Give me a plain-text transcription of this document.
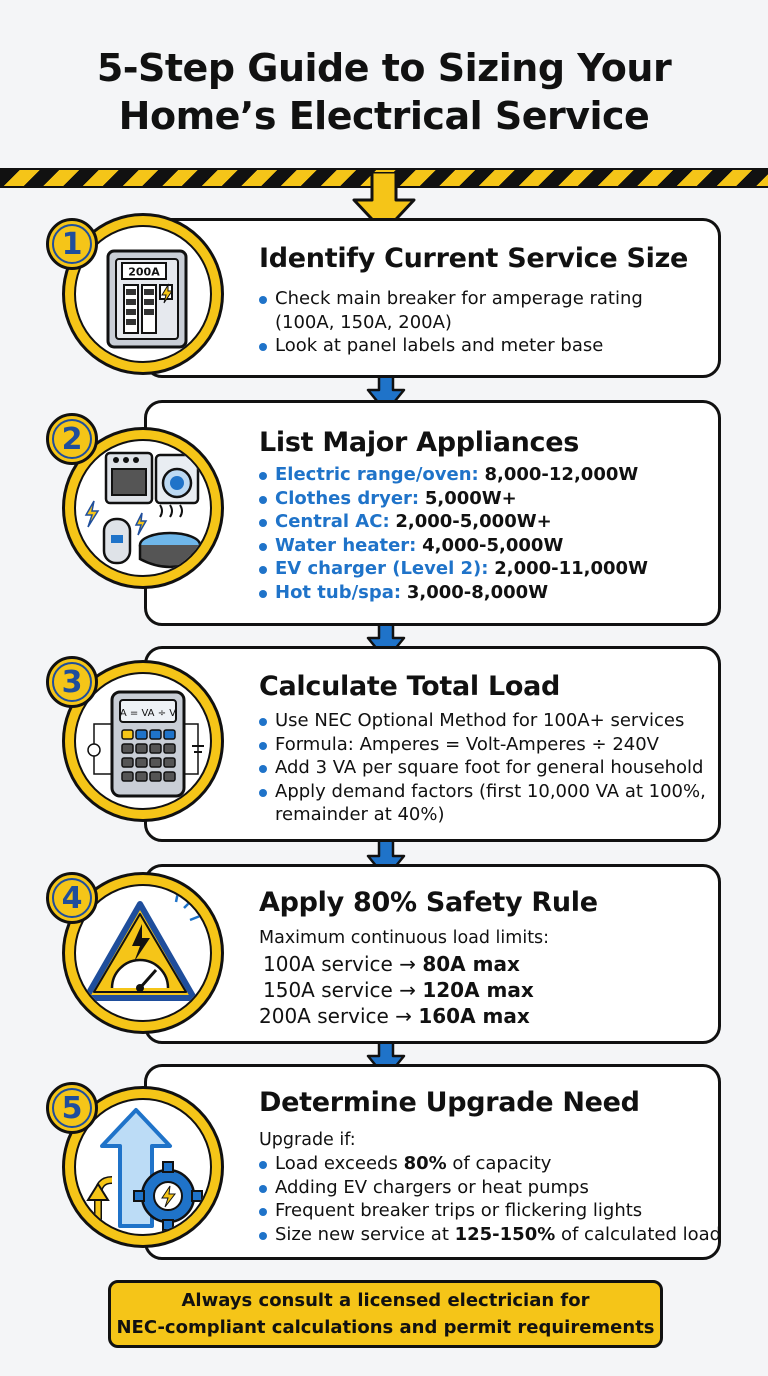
5-Step Guide to Sizing Your
Home’s Electrical Service
Identify Current Service Size
Check main breaker for amperage rating
(100A, 150A, 200A)
Look at panel labels and meter base
200A
1
List Major Appliances
Electric range/oven: 8,000-12,000W
Clothes dryer: 5,000W+
Central AC: 2,000-5,000W+
Water heater: 4,000-5,000W
EV charger (Level 2): 2,000-11,000W
Hot tub/spa: 3,000-8,000W
2
Calculate Total Load
Use NEC Optional Method for 100A+ services
Formula: Amperes = Volt-Amperes ÷ 240V
Add 3 VA per square foot for general household
Apply demand factors (first 10,000 VA at 100%,
remainder at 40%)
A = VA ÷ V
3
Apply 80% Safety Rule
Maximum continuous load limits:
100A service → 80A max
150A service → 120A max
200A service → 160A max
4
Determine Upgrade Need
Upgrade if:
Load exceeds 80% of capacity
Adding EV chargers or heat pumps
Frequent breaker trips or flickering lights
Size new service at 125-150% of calculated load
5
Always consult a licensed electrician for
NEC-compliant calculations and permit requirements
